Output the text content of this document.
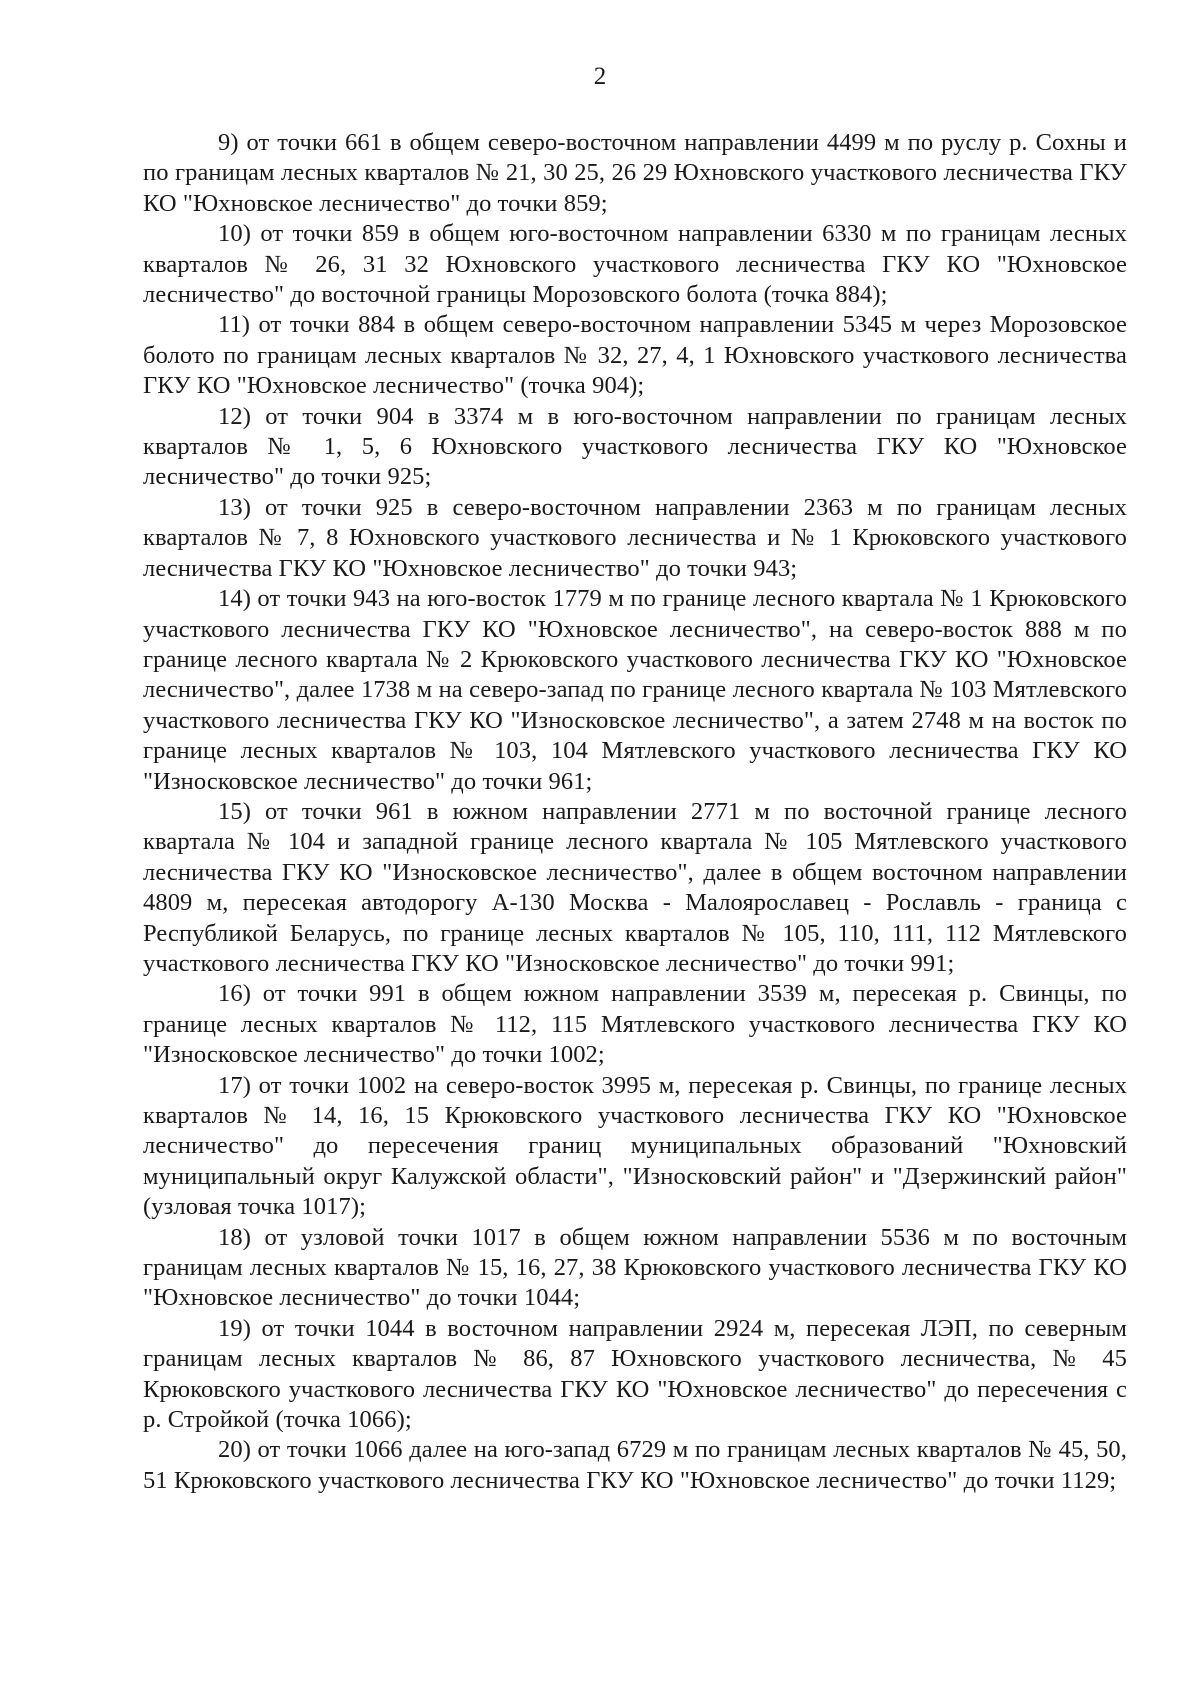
2

9) от точки 661 в общем северо-восточном направлении 4499 м по руслу р. Сохны и по границам лесных кварталов № 21, 30 25, 26 29 Юхновского участкового лесничества ГКУ КО "Юхновское лесничество" до точки 859;

10) от точки 859 в общем юго-восточном направлении 6330 м по границам лесных кварталов № 26, 31 32 Юхновского участкового лесничества ГКУ КО "Юхновское лесничество" до восточной границы Морозовского болота (точка 884);

11) от точки 884 в общем северо-восточном направлении 5345 м через Морозовское болото по границам лесных кварталов № 32, 27, 4, 1 Юхновского участкового лесничества ГКУ КО "Юхновское лесничество" (точка 904);

12) от точки 904 в 3374 м в юго-восточном направлении по границам лесных кварталов № 1, 5, 6 Юхновского участкового лесничества ГКУ КО "Юхновское лесничество" до точки 925;

13) от точки 925 в северо-восточном направлении 2363 м по границам лесных кварталов № 7, 8 Юхновского участкового лесничества и № 1 Крюковского участкового лесничества ГКУ КО "Юхновское лесничество" до точки 943;

14) от точки 943 на юго-восток 1779 м по границе лесного квартала № 1 Крюковского участкового лесничества ГКУ КО "Юхновское лесничество", на северо-восток 888 м по границе лесного квартала № 2 Крюковского участкового лесничества ГКУ КО "Юхновское лесничество", далее 1738 м на северо-запад по границе лесного квартала № 103 Мятлевского участкового лесничества ГКУ КО "Износковское лесничество", а затем 2748 м на восток по границе лесных кварталов № 103, 104 Мятлевского участкового лесничества ГКУ КО "Износковское лесничество" до точки 961;

15) от точки 961 в южном направлении 2771 м по восточной границе лесного квартала № 104 и западной границе лесного квартала № 105 Мятлевского участкового лесничества ГКУ КО "Износковское лесничество", далее в общем восточном направлении 4809 м, пересекая автодорогу А-130 Москва - Малоярославец - Рославль - граница с Республикой Беларусь, по границе лесных кварталов № 105, 110, 111, 112 Мятлевского участкового лесничества ГКУ КО "Износковское лесничество" до точки 991;

16) от точки 991 в общем южном направлении 3539 м, пересекая р. Свинцы, по границе лесных кварталов № 112, 115 Мятлевского участкового лесничества ГКУ КО "Износковское лесничество" до точки 1002;

17) от точки 1002 на северо-восток 3995 м, пересекая р. Свинцы, по границе лесных кварталов № 14, 16, 15 Крюковского участкового лесничества ГКУ КО "Юхновское лесничество" до пересечения границ муниципальных образований "Юхновский муниципальный округ Калужской области", "Износковский район" и "Дзержинский район" (узловая точка 1017);

18) от узловой точки 1017 в общем южном направлении 5536 м по восточным границам лесных кварталов № 15, 16, 27, 38 Крюковского участкового лесничества ГКУ КО "Юхновское лесничество" до точки 1044;

19) от точки 1044 в восточном направлении 2924 м, пересекая ЛЭП, по северным границам лесных кварталов № 86, 87 Юхновского участкового лесничества, № 45 Крюковского участкового лесничества ГКУ КО "Юхновское лесничество" до пересечения с р. Стройкой (точка 1066);

20) от точки 1066 далее на юго-запад 6729 м по границам лесных кварталов № 45, 50, 51 Крюковского участкового лесничества ГКУ КО "Юхновское лесничество" до точки 1129;
